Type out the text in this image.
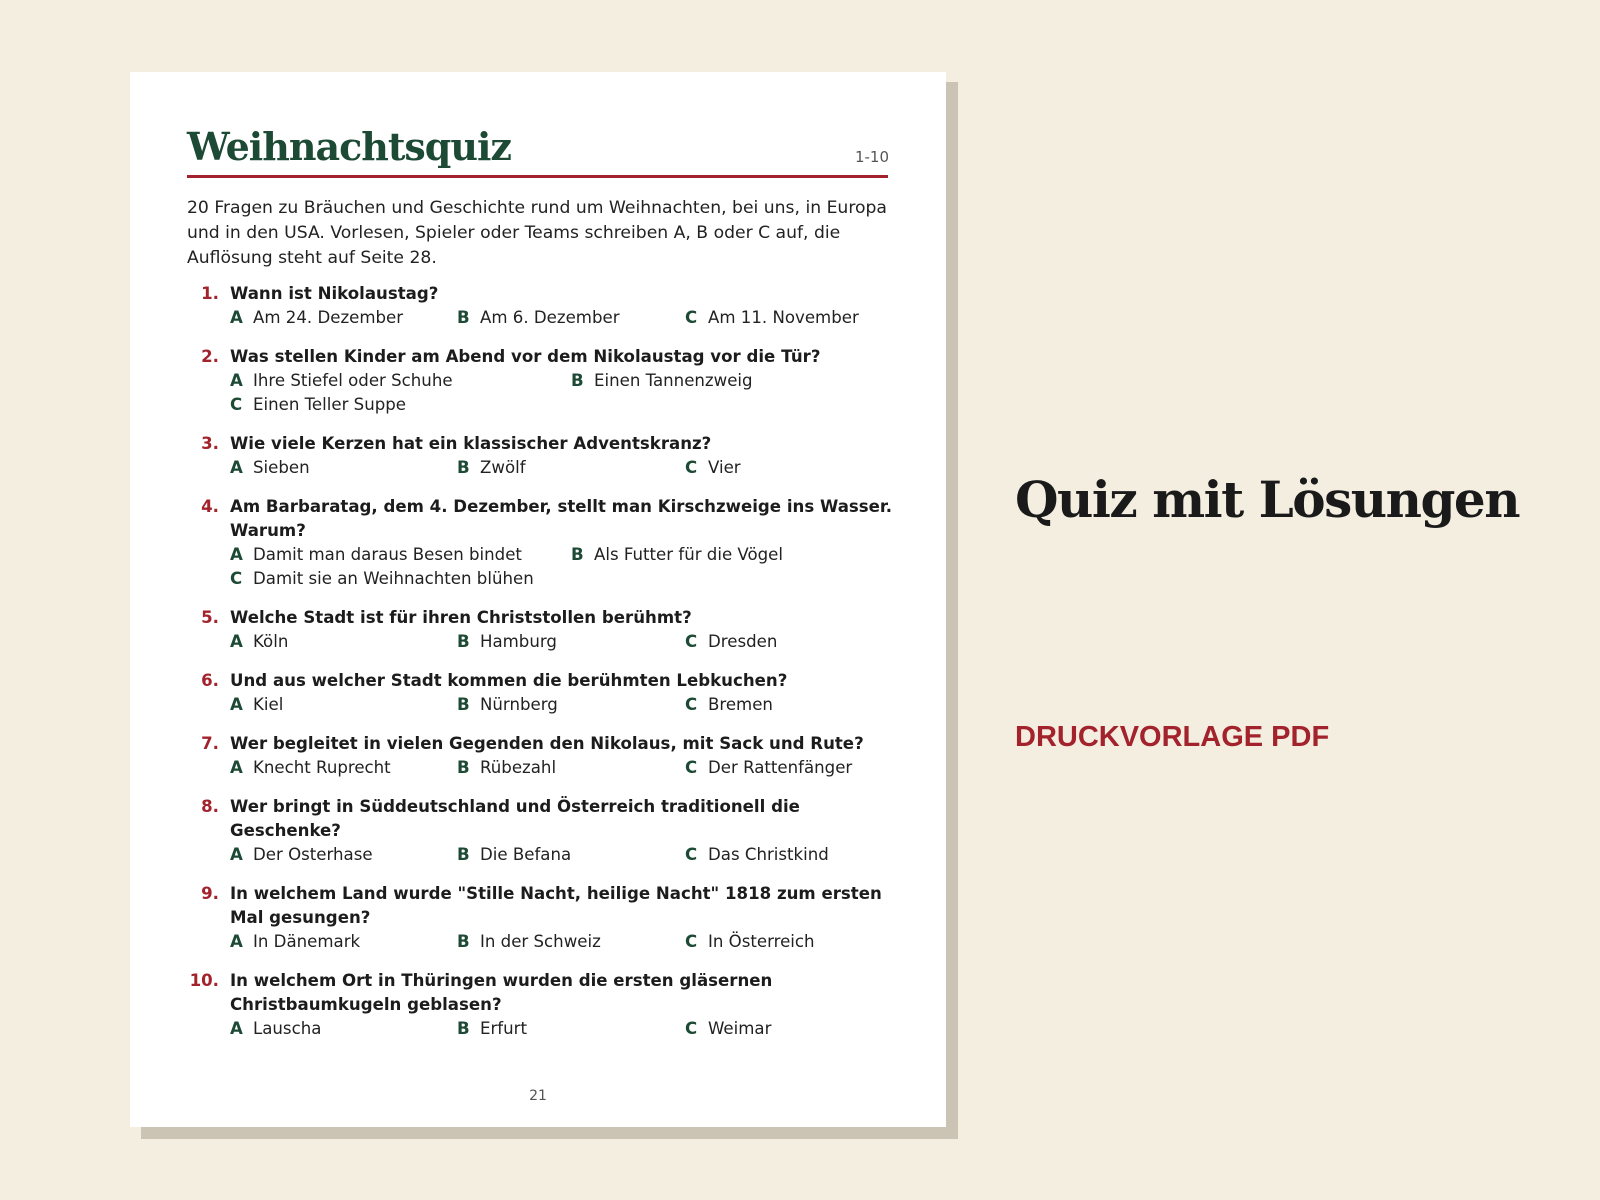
Weihnachtsquiz	1-10

20 Fragen zu Bräuchen und Geschichte rund um Weihnachten, bei uns, in Europa und in den USA. Vorlesen, Spieler oder Teams schreiben A, B oder C auf, die Auflösung steht auf Seite 28.

1. Wann ist Nikolaustag?
A Am 24. Dezember	B Am 6. Dezember	C Am 11. November
2. Was stellen Kinder am Abend vor dem Nikolaustag vor die Tür?
A Ihre Stiefel oder Schuhe	B Einen Tannenzweig
C Einen Teller Suppe
3. Wie viele Kerzen hat ein klassischer Adventskranz?
A Sieben	B Zwölf	C Vier
4. Am Barbaratag, dem 4. Dezember, stellt man Kirschzweige ins Wasser. Warum?
A Damit man daraus Besen bindet	B Als Futter für die Vögel
C Damit sie an Weihnachten blühen
5. Welche Stadt ist für ihren Christstollen berühmt?
A Köln	B Hamburg	C Dresden
6. Und aus welcher Stadt kommen die berühmten Lebkuchen?
A Kiel	B Nürnberg	C Bremen
7. Wer begleitet in vielen Gegenden den Nikolaus, mit Sack und Rute?
A Knecht Ruprecht	B Rübezahl	C Der Rattenfänger
8. Wer bringt in Süddeutschland und Österreich traditionell die Geschenke?
A Der Osterhase	B Die Befana	C Das Christkind
9. In welchem Land wurde "Stille Nacht, heilige Nacht" 1818 zum ersten Mal gesungen?
A In Dänemark	B In der Schweiz	C In Österreich
10. In welchem Ort in Thüringen wurden die ersten gläsernen Christbaumkugeln geblasen?
A Lauscha	B Erfurt	C Weimar
21
Quiz mit Lösungen
DRUCKVORLAGE PDF
